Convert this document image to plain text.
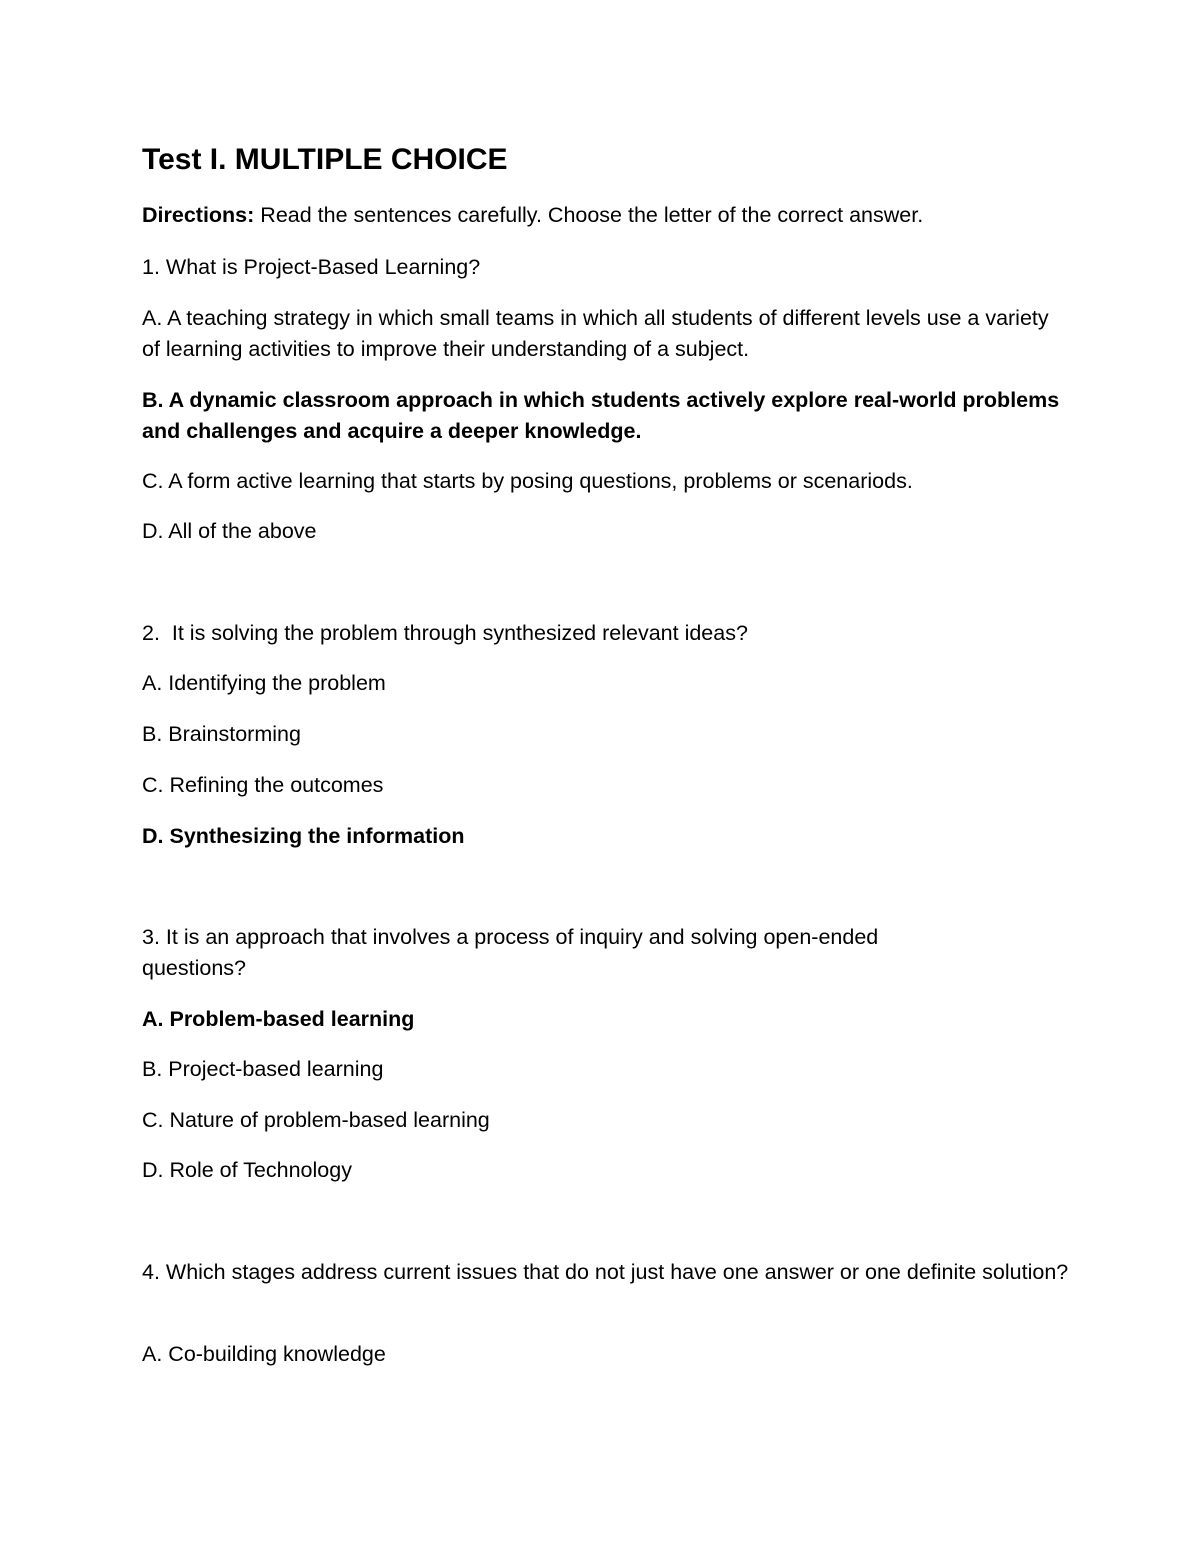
Test I. MULTIPLE CHOICE

Directions: Read the sentences carefully. Choose the letter of the correct answer.

1. What is Project-Based Learning?

A. A teaching strategy in which small teams in which all students of different levels use a variety of learning activities to improve their understanding of a subject.

B. A dynamic classroom approach in which students actively explore real-world problems and challenges and acquire a deeper knowledge.

C. A form active learning that starts by posing questions, problems or scenariods.

D. All of the above

2.  It is solving the problem through synthesized relevant ideas?

A. Identifying the problem

B. Brainstorming

C. Refining the outcomes

D. Synthesizing the information

3. It is an approach that involves a process of inquiry and solving open-ended questions?

A. Problem-based learning

B. Project-based learning

C. Nature of problem-based learning

D. Role of Technology

4. Which stages address current issues that do not just have one answer or one definite solution?

A. Co-building knowledge
